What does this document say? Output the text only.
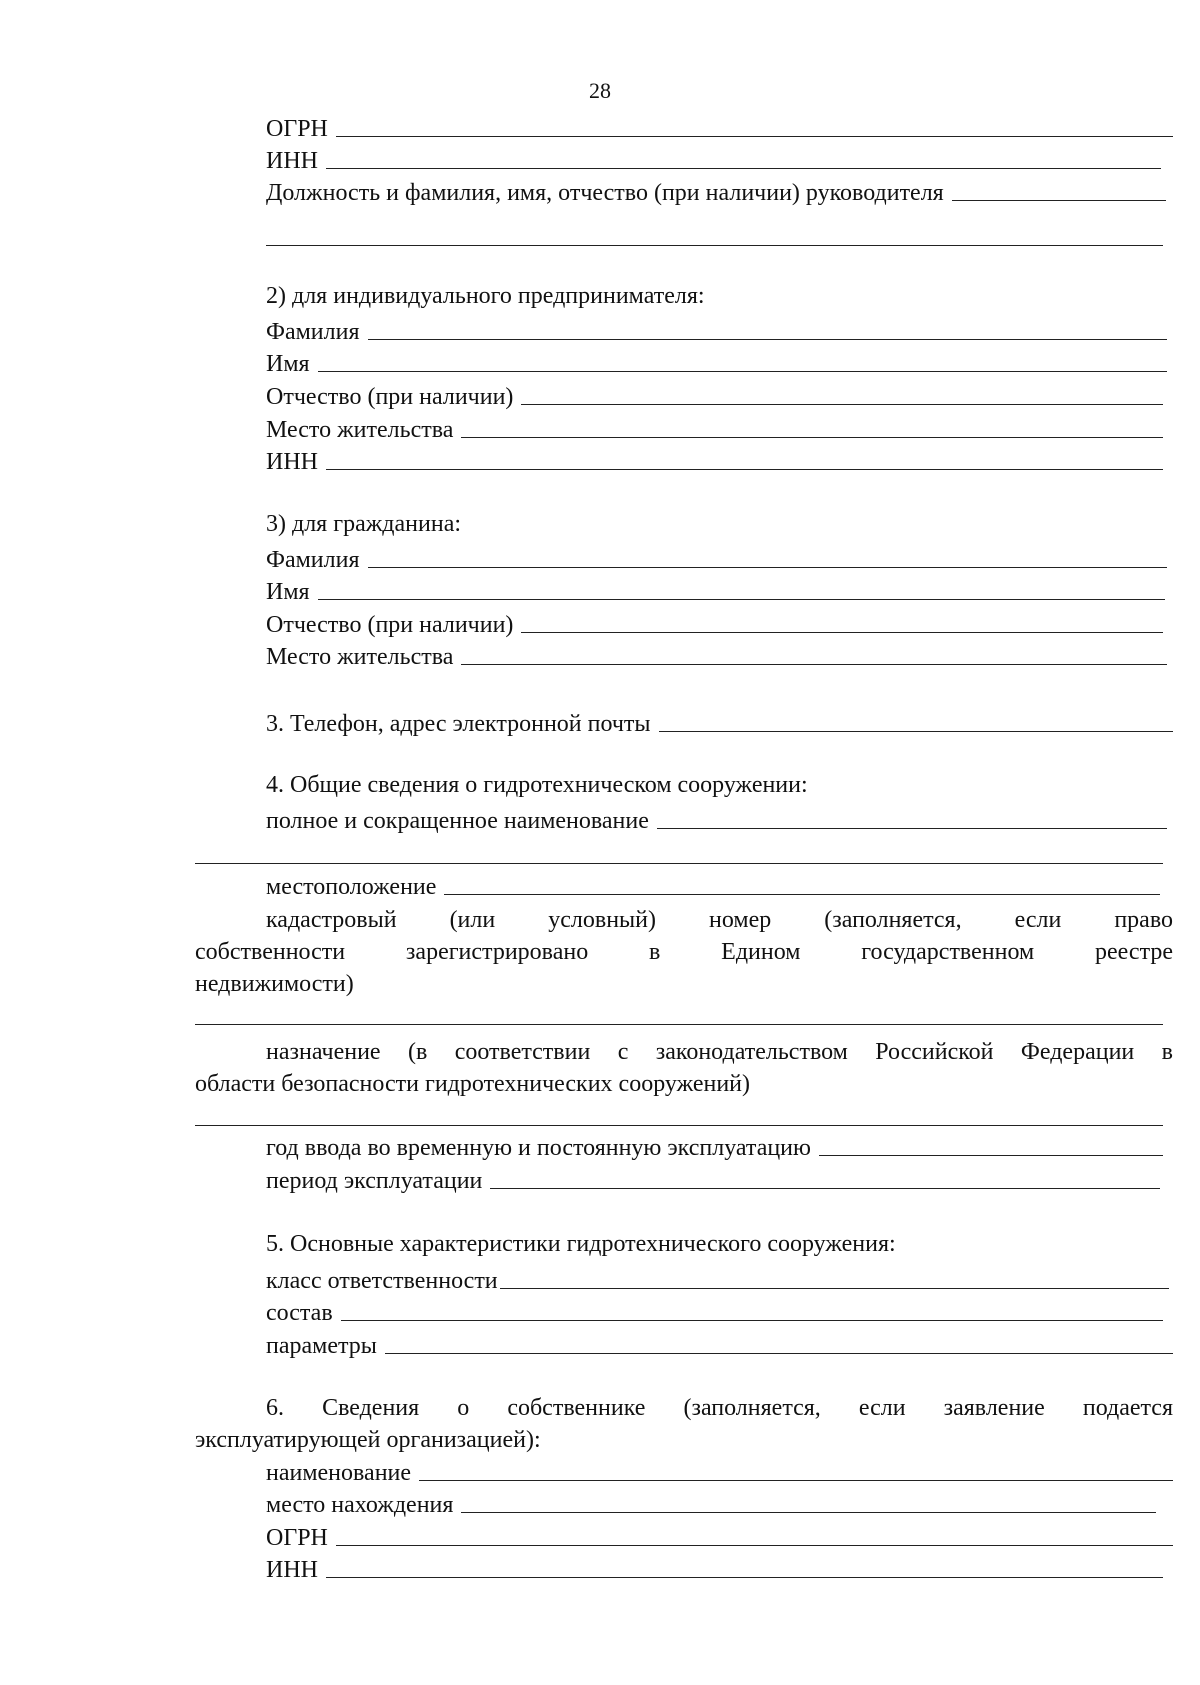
28
ОГРН
ИНН
Должность и фамилия, имя, отчество (при наличии) руководителя
2) для индивидуального предпринимателя:
Фамилия
Имя
Отчество (при наличии)
Место жительства
ИНН
3) для гражданина:
Фамилия
Имя
Отчество (при наличии)
Место жительства
3. Телефон, адрес электронной почты
4. Общие сведения о гидротехническом сооружении:
полное и сокращенное наименование
местоположение
кадастровый (или условный) номер (заполняется, если право
собственности зарегистрировано в Едином государственном реестре
недвижимости)
назначение (в соответствии с законодательством Российской Федерации в
области безопасности гидротехнических сооружений)
год ввода во временную и постоянную эксплуатацию
период эксплуатации
5. Основные характеристики гидротехнического сооружения:
класс ответственности
состав
параметры
6. Сведения о собственнике (заполняется, если заявление подается
эксплуатирующей организацией):
наименование
место нахождения
ОГРН
ИНН
